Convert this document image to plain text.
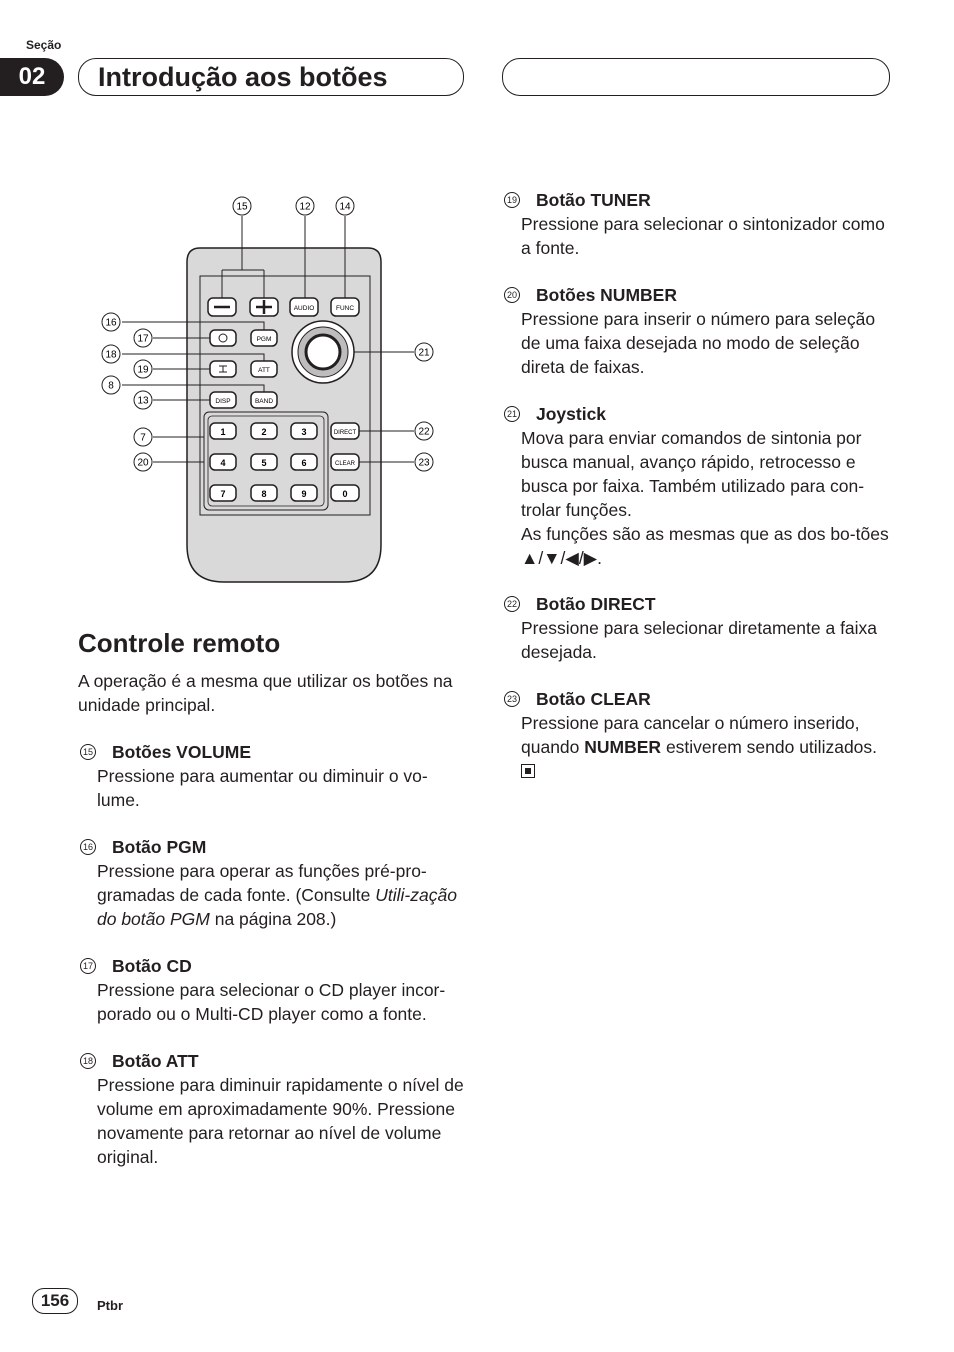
Seção
02	Introdução aos botões
AUDIO	FUNC
PGM
ATT
DISP	BAND
DIRECT
CLEAR
1	2	3
4	5	6
7	8	9	0
15	12	14
16
17
18
19
8
13
7
20
21
22
23
Controle remoto
A operação é a mesma que utilizar os botões na unidade principal.
15 Botões VOLUME
Pressione para aumentar ou diminuir o vo-lume.
16 Botão PGM
Pressione para operar as funções pré-pro-gramadas de cada fonte. (Consulte Utili-zação do botão PGM na página 208.)
17 Botão CD
Pressione para selecionar o CD player incor-porado ou o Multi-CD player como a fonte.
18 Botão ATT
Pressione para diminuir rapidamente o nível de volume em aproximadamente 90%. Pressione novamente para retornar ao nível de volume original.
19 Botão TUNER
Pressione para selecionar o sintonizador como a fonte.
20 Botões NUMBER
Pressione para inserir o número para seleção de uma faixa desejada no modo de seleção direta de faixas.
21 Joystick
Mova para enviar comandos de sintonia por busca manual, avanço rápido, retrocesso e busca por faixa. Também utilizado para con-trolar funções.
As funções são as mesmas que as dos bo-tões ▲/▼/◀/▶.
22 Botão DIRECT
Pressione para selecionar diretamente a faixa desejada.
23 Botão CLEAR
Pressione para cancelar o número inserido, quando NUMBER estiverem sendo utilizados.
156	Ptbr
